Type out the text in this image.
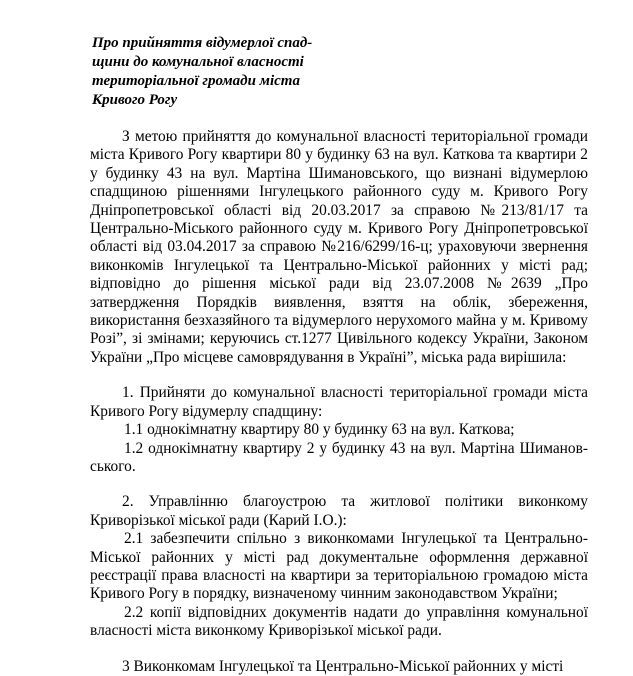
Про прийняття відумерлої спад-
щини до комунальної власності
територіальної громади міста
Кривого Рогу

З метою прийняття до комунальної власності територіальної громади міста Кривого Рогу квартири 80 у будинку 63 на вул. Каткова та квартири 2 у будинку 43 на вул. Мартіна Шимановського, що визнані відумерлою спадщиною рішеннями Інгулецького районного суду м. Кривого Рогу Дніпропетровської області від 20.03.2017 за справою №213/81/17 та Центрально-Міського районного суду м. Кривого Рогу Дніпропетровської області від 03.04.2017 за справою №216/6299/16-ц; ураховуючи звернення виконкомів Інгулецької та Центрально-Міської районних у місті рад; відповідно до рішення міської ради від 23.07.2008 №2639 „Про затвердження Порядків виявлення, взяття на облік, збереження, використання безхазяйного та відумерлого нерухомого майна у м. Кривому Розі”, зі змінами; керуючись ст.1277 Цивільного кодексу України, Законом України „Про місцеве самоврядування в Україні”, міська рада вирішила:

1. Прийняти до комунальної власності територіальної громади міста Кривого Рогу відумерлу спадщину:

1.1 однокімнатну квартиру 80 у будинку 63 на вул. Каткова;

1.2 однокімнатну квартиру 2 у будинку 43 на вул. Мартіна Шиманов-ського.

2. Управлінню благоустрою та житлової політики виконкому Криворізької міської ради (Карий І.О.):

2.1 забезпечити спільно з виконкомами Інгулецької та Центрально-Міської районних у місті рад документальне оформлення державної реєстрації права власності на квартири за територіальною громадою міста Кривого Рогу в порядку, визначеному чинним законодавством України;

2.2 копії відповідних документів надати до управління комунальної власності міста виконкому Криворізької міської ради.

3 Виконкомам Інгулецької та Центрально-Міської районних у місті
